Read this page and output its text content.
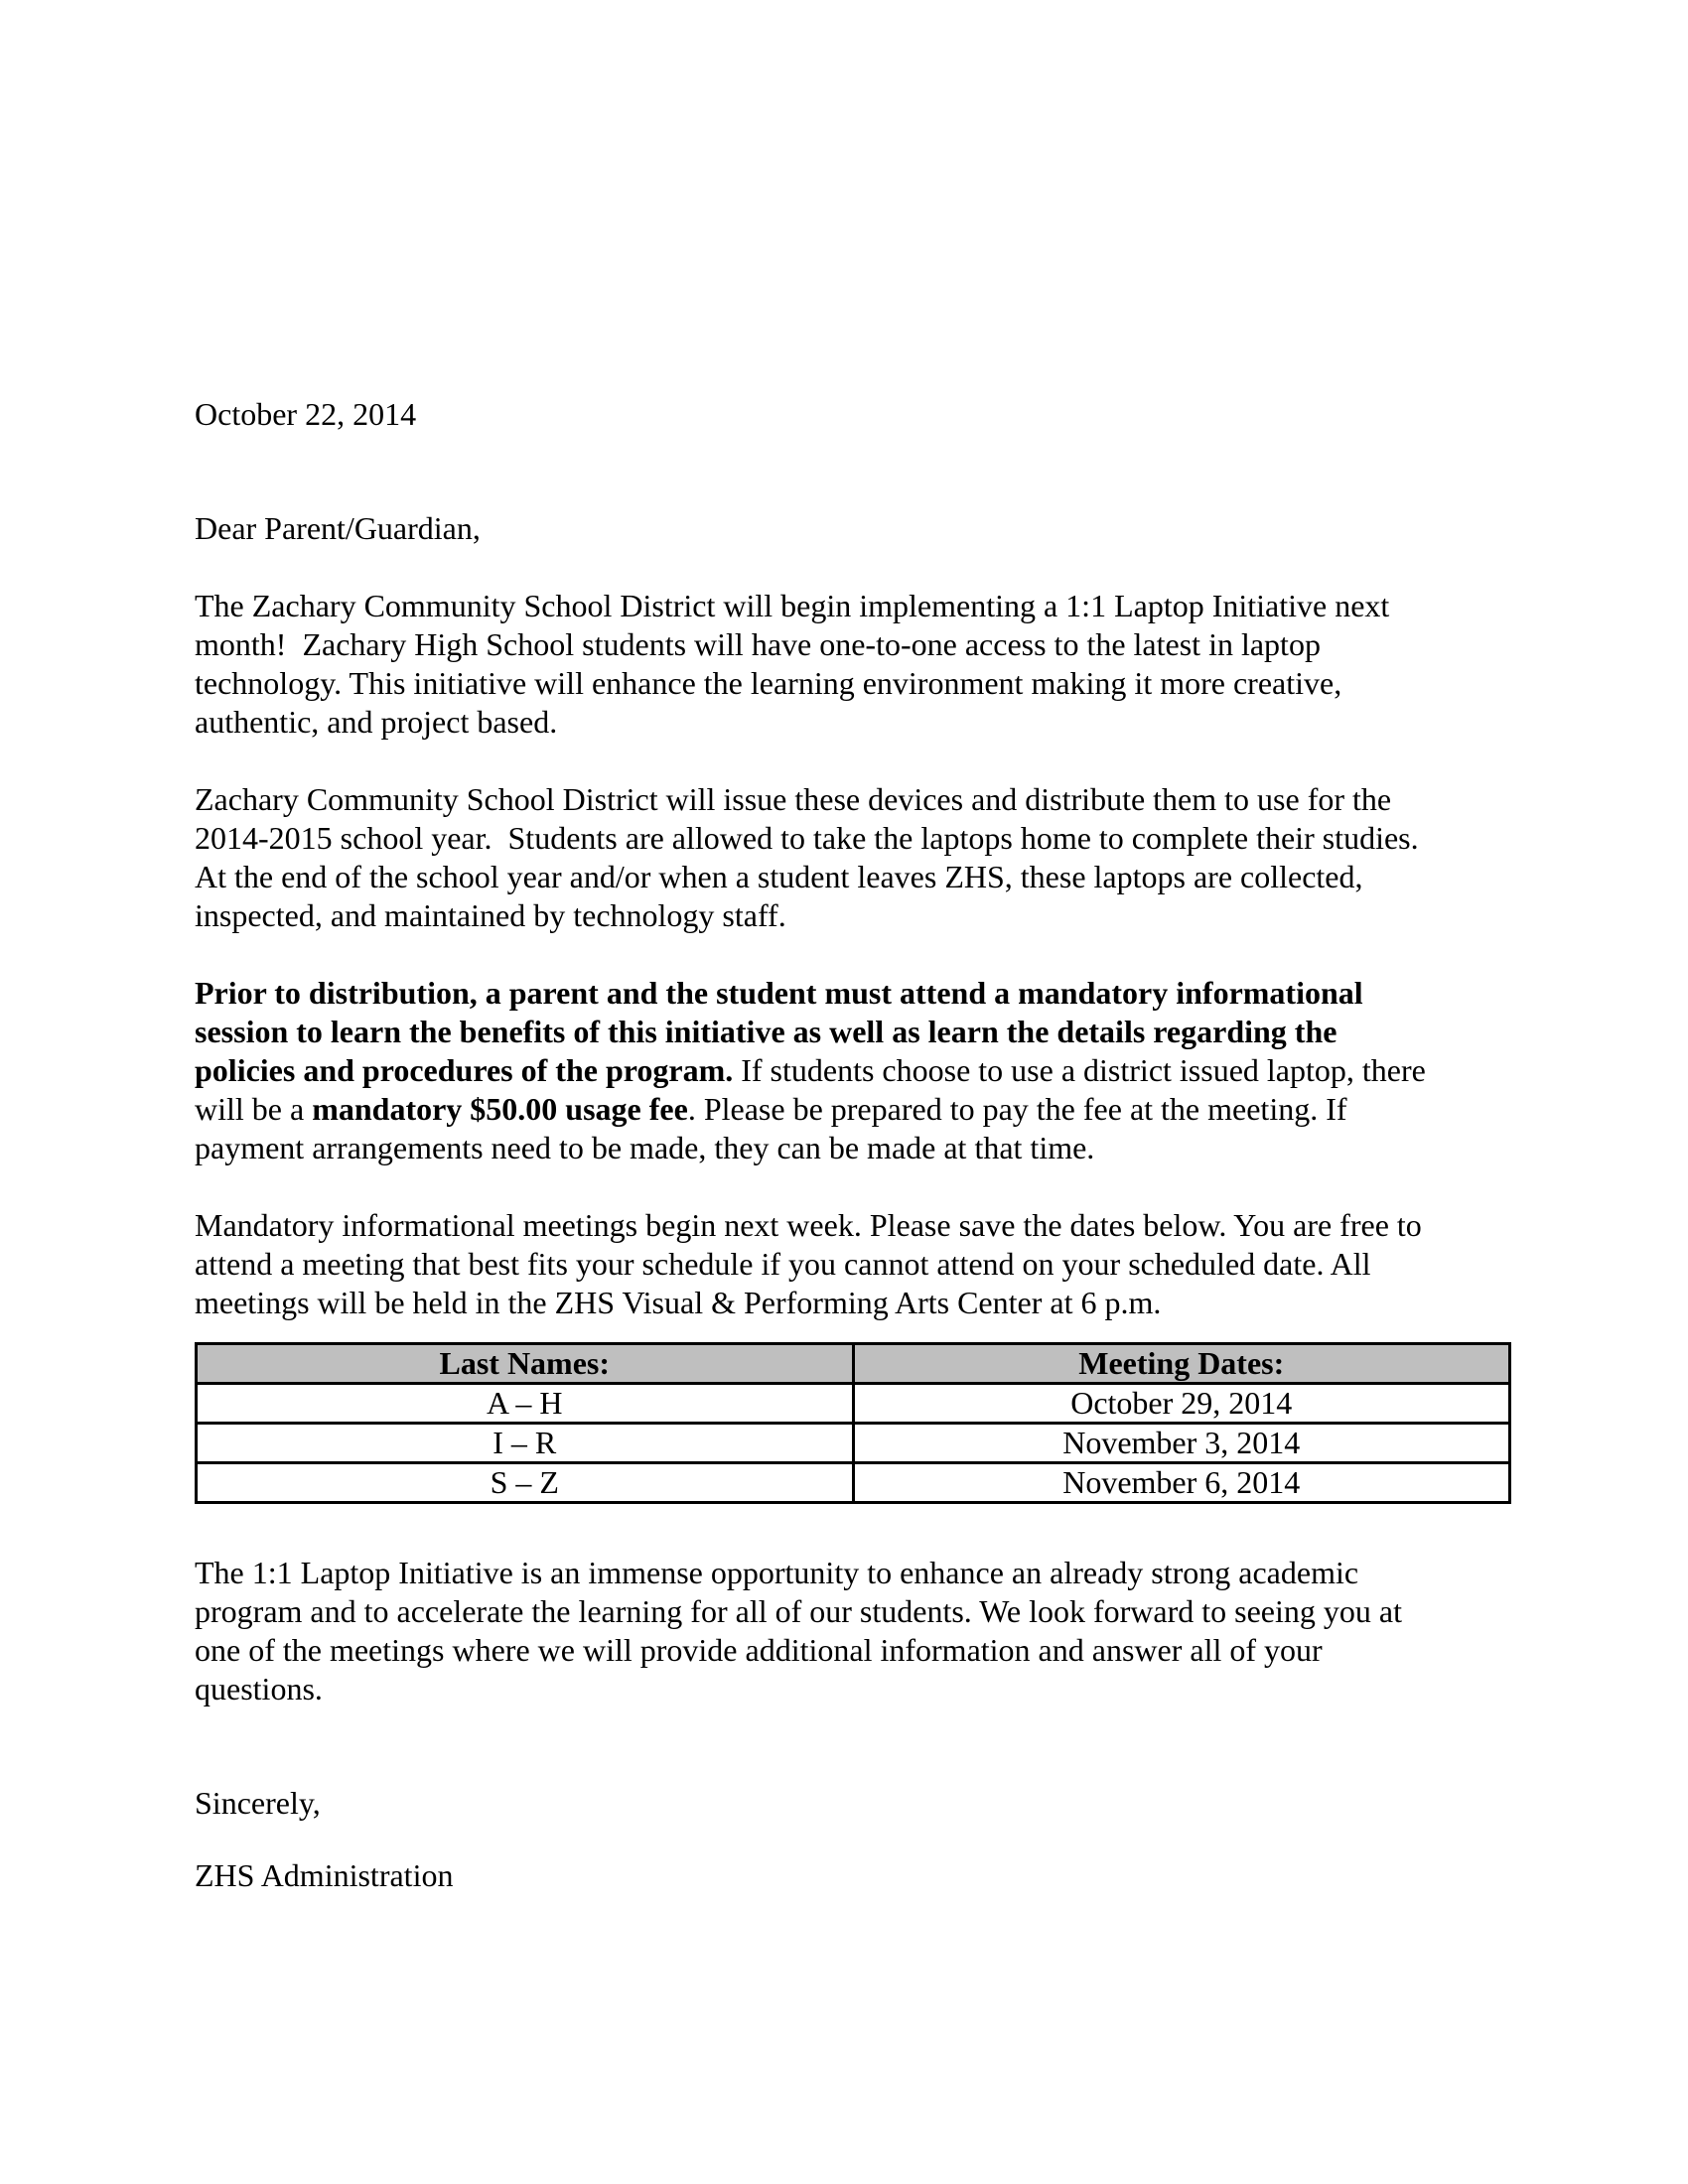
October 22, 2014
Dear Parent/Guardian,
The Zachary Community School District will begin implementing a 1:1 Laptop Initiative next
month!  Zachary High School students will have one-to-one access to the latest in laptop
technology. This initiative will enhance the learning environment making it more creative,
authentic, and project based.
Zachary Community School District will issue these devices and distribute them to use for the
2014-2015 school year.  Students are allowed to take the laptops home to complete their studies.
At the end of the school year and/or when a student leaves ZHS, these laptops are collected,
inspected, and maintained by technology staff.
Prior to distribution, a parent and the student must attend a mandatory informational
session to learn the benefits of this initiative as well as learn the details regarding the
policies and procedures of the program. If students choose to use a district issued laptop, there
will be a mandatory $50.00 usage fee. Please be prepared to pay the fee at the meeting. If
payment arrangements need to be made, they can be made at that time.
Mandatory informational meetings begin next week. Please save the dates below. You are free to
attend a meeting that best fits your schedule if you cannot attend on your scheduled date. All
meetings will be held in the ZHS Visual & Performing Arts Center at 6 p.m.
Last Names:	Meeting Dates:
A – H	October 29, 2014
I – R	November 3, 2014
S – Z	November 6, 2014
The 1:1 Laptop Initiative is an immense opportunity to enhance an already strong academic
program and to accelerate the learning for all of our students. We look forward to seeing you at
one of the meetings where we will provide additional information and answer all of your
questions.
Sincerely,
ZHS Administration
